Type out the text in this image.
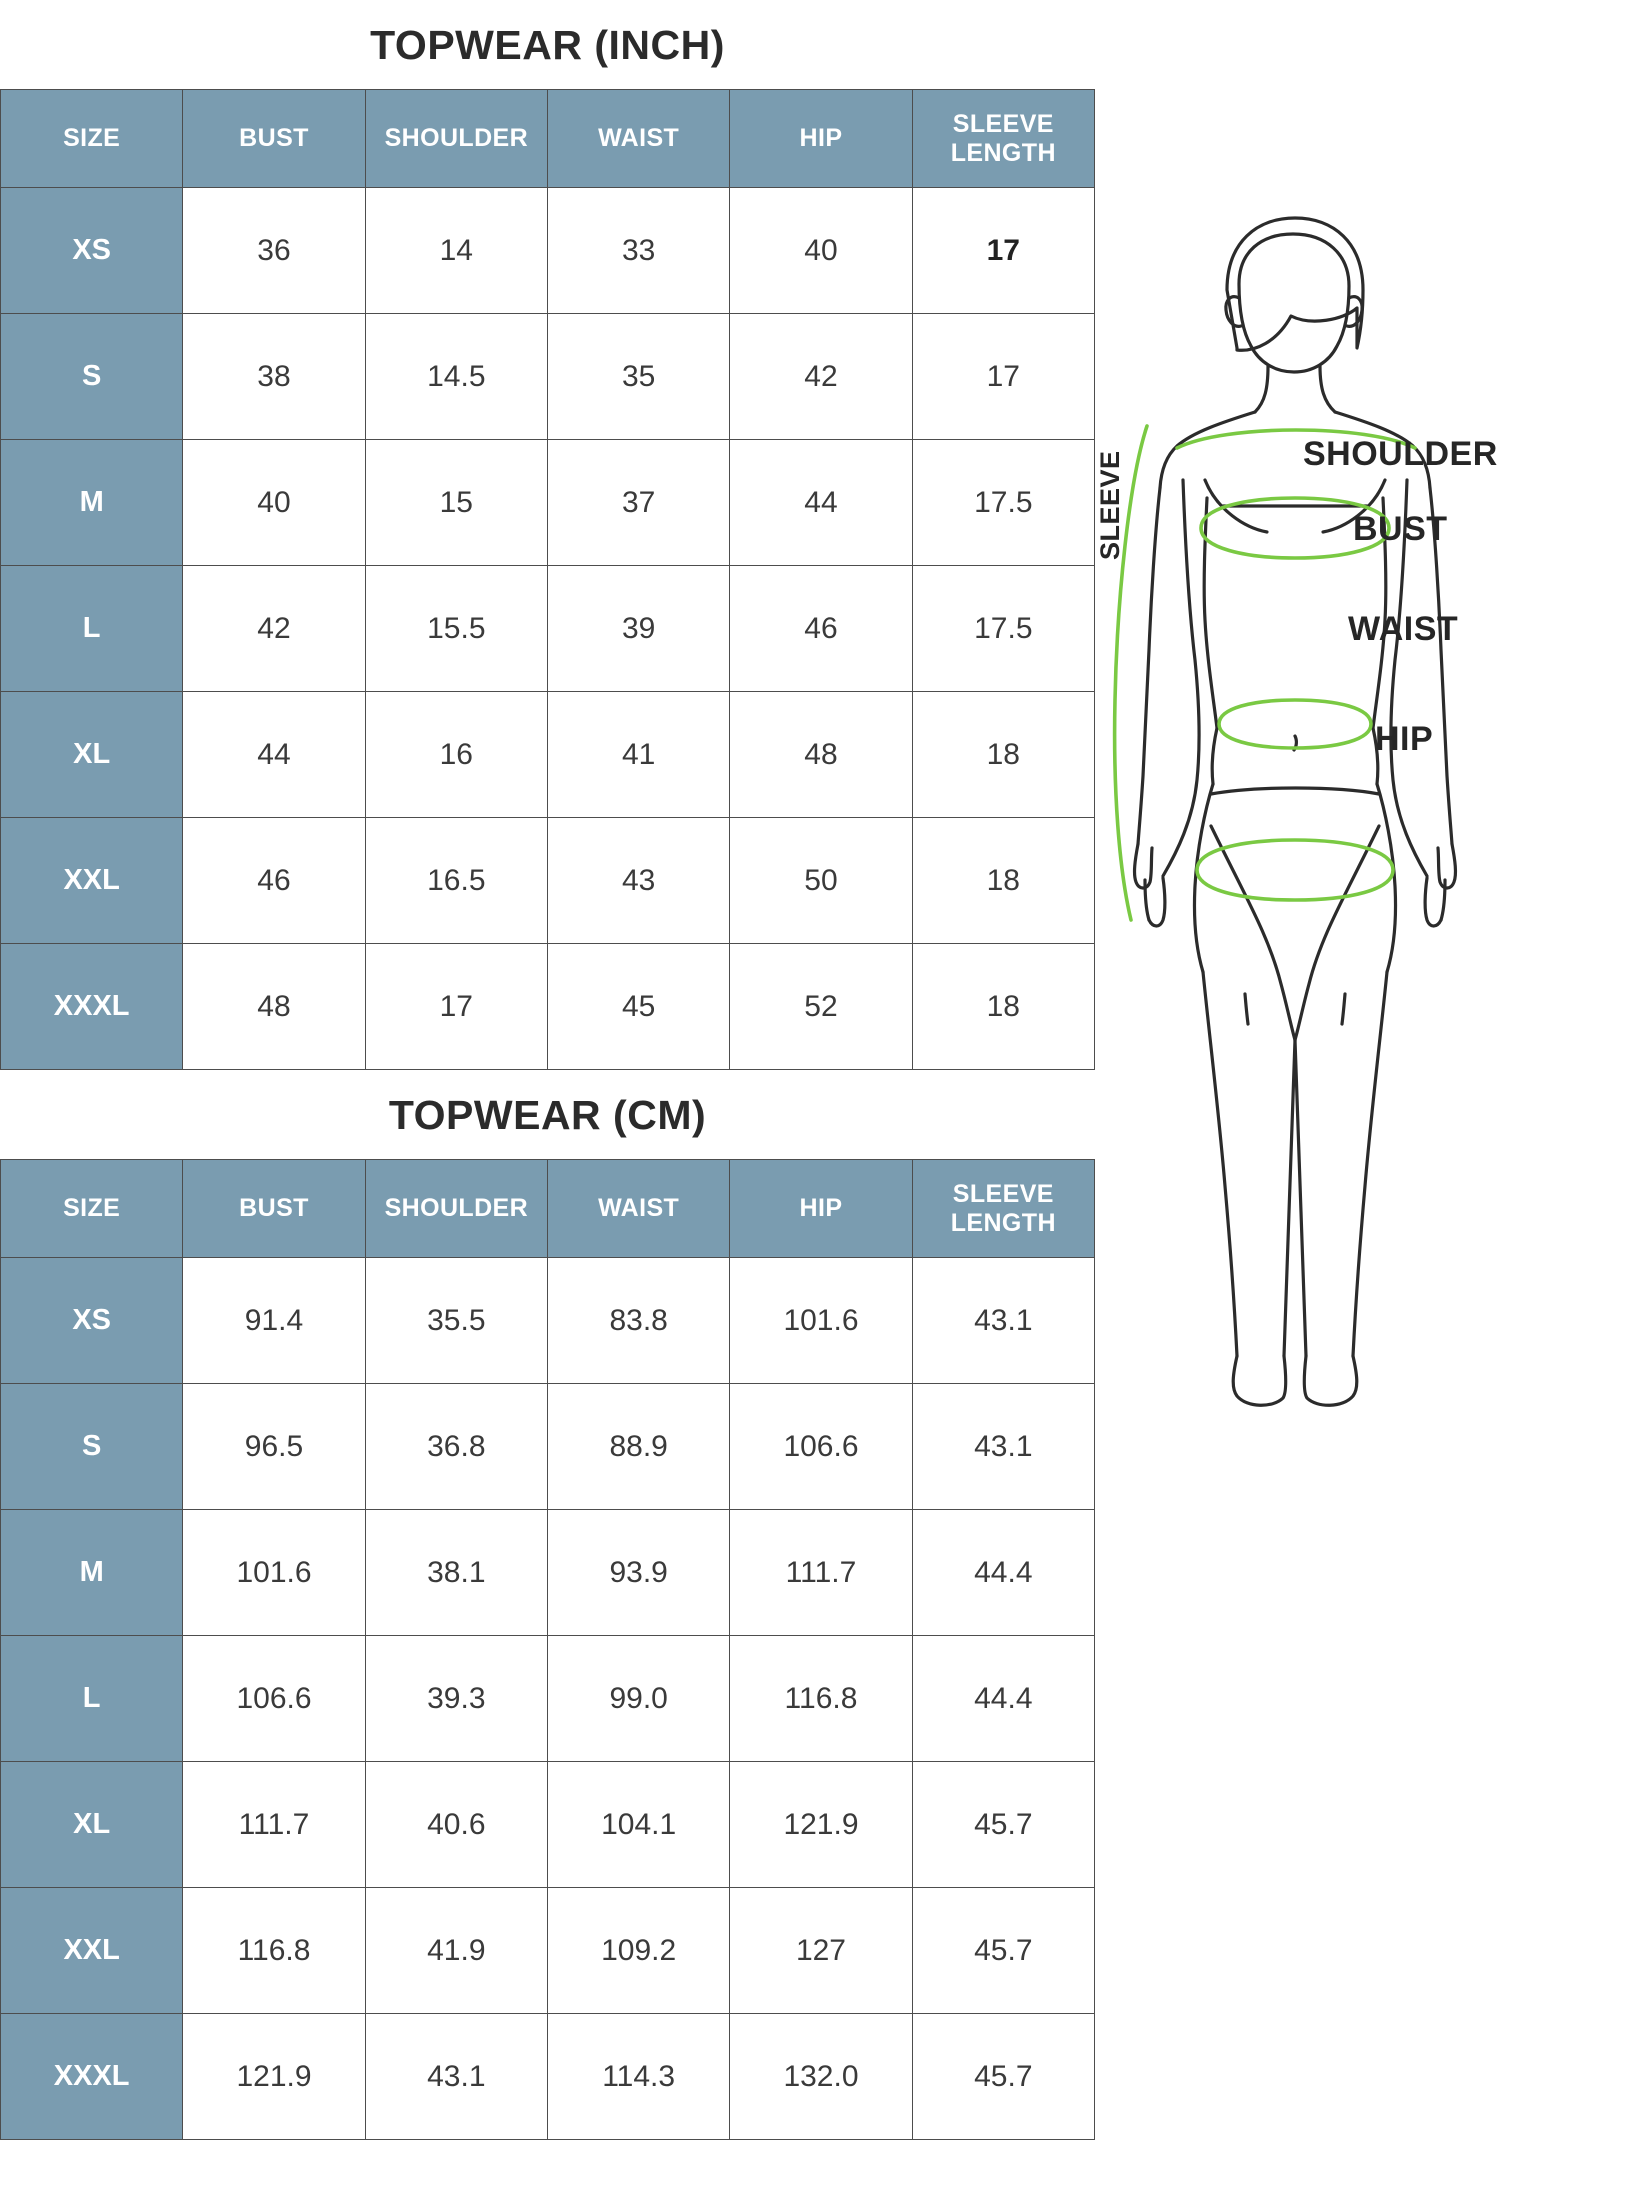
TOPWEAR (INCH)
SIZE	BUST	SHOULDER	WAIST	HIP	SLEEVE LENGTH
XS	36	14	33	40	17
S	38	14.5	35	42	17
M	40	15	37	44	17.5
L	42	15.5	39	46	17.5
XL	44	16	41	48	18
XXL	46	16.5	43	50	18
XXXL	48	17	45	52	18
TOPWEAR (CM)
SIZE	BUST	SHOULDER	WAIST	HIP	SLEEVE LENGTH
XS	91.4	35.5	83.8	101.6	43.1
S	96.5	36.8	88.9	106.6	43.1
M	101.6	38.1	93.9	111.7	44.4
L	106.6	39.3	99.0	116.8	44.4
XL	111.7	40.6	104.1	121.9	45.7
XXL	116.8	41.9	109.2	127	45.7
XXXL	121.9	43.1	114.3	132.0	45.7
SHOULDER
BUST
WAIST
HIP
SLEEVE
